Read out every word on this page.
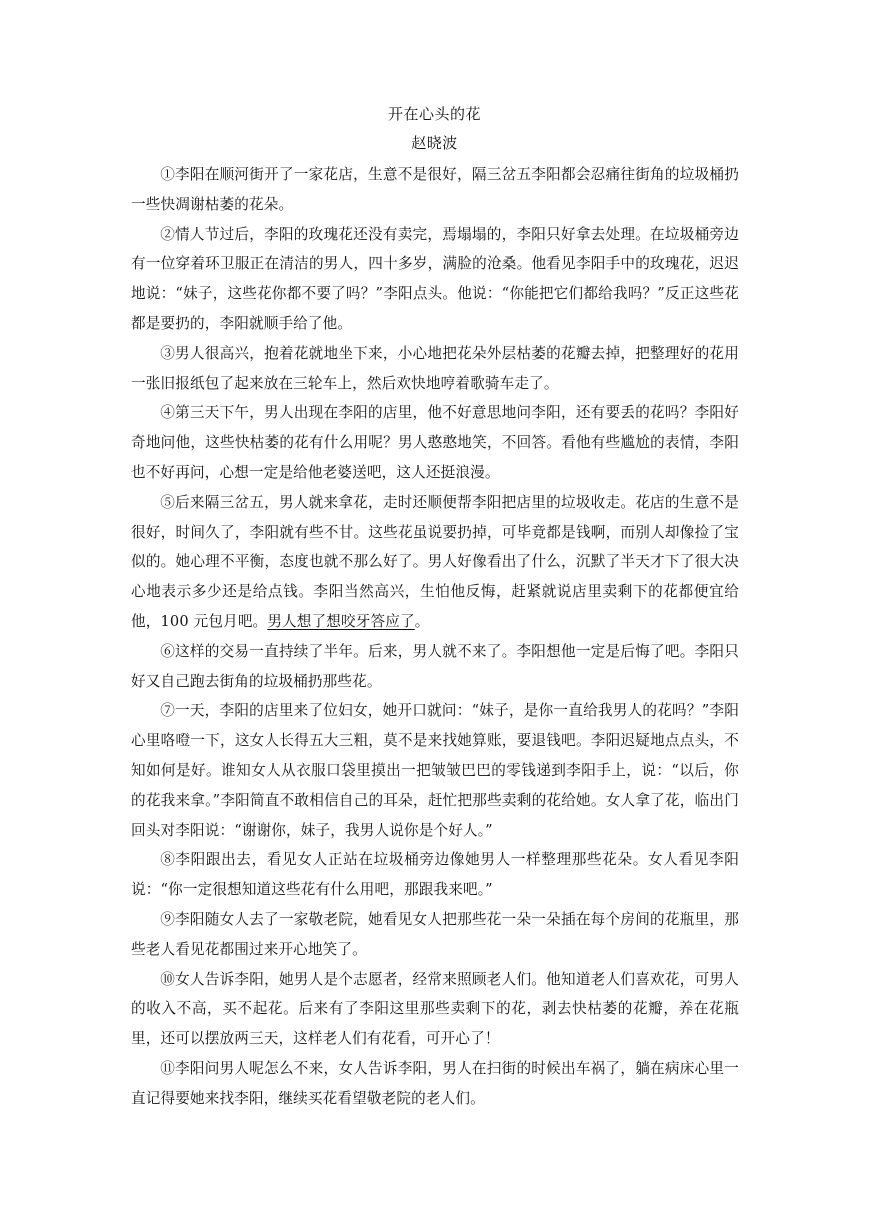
开在心头的花
赵晓波

①李阳在顺河街开了一家花店，生意不是很好，隔三岔五李阳都会忍痛往街角的垃圾桶扔一些快凋谢枯萎的花朵。

②情人节过后，李阳的玫瑰花还没有卖完，焉塌塌的，李阳只好拿去处理。在垃圾桶旁边有一位穿着环卫服正在清洁的男人，四十多岁，满脸的沧桑。他看见李阳手中的玫瑰花，迟迟地说：“妹子，这些花你都不要了吗？”李阳点头。他说：“你能把它们都给我吗？”反正这些花都是要扔的，李阳就顺手给了他。

③男人很高兴，抱着花就地坐下来，小心地把花朵外层枯萎的花瓣去掉，把整理好的花用一张旧报纸包了起来放在三轮车上，然后欢快地哼着歌骑车走了。

④第三天下午，男人出现在李阳的店里，他不好意思地问李阳，还有要丢的花吗？李阳好奇地问他，这些快枯萎的花有什么用呢？男人憨憨地笑，不回答。看他有些尴尬的表情，李阳也不好再问，心想一定是给他老婆送吧，这人还挺浪漫。

⑤后来隔三岔五，男人就来拿花，走时还顺便帮李阳把店里的垃圾收走。花店的生意不是很好，时间久了，李阳就有些不甘。这些花虽说要扔掉，可毕竟都是钱啊，而别人却像捡了宝似的。她心理不平衡，态度也就不那么好了。男人好像看出了什么，沉默了半天才下了很大决心地表示多少还是给点钱。李阳当然高兴，生怕他反悔，赶紧就说店里卖剩下的花都便宜给他，100 元包月吧。男人想了想咬牙答应了。

⑥这样的交易一直持续了半年。后来，男人就不来了。李阳想他一定是后悔了吧。李阳只好又自己跑去街角的垃圾桶扔那些花。

⑦一天，李阳的店里来了位妇女，她开口就问：“妹子，是你一直给我男人的花吗？”李阳心里咯噔一下，这女人长得五大三粗，莫不是来找她算账，要退钱吧。李阳迟疑地点点头，不知如何是好。谁知女人从衣服口袋里摸出一把皱皱巴巴的零钱递到李阳手上，说：“以后，你的花我来拿。”李阳简直不敢相信自己的耳朵，赶忙把那些卖剩的花给她。女人拿了花，临出门回头对李阳说：“谢谢你，妹子，我男人说你是个好人。”

⑧李阳跟出去，看见女人正站在垃圾桶旁边像她男人一样整理那些花朵。女人看见李阳说：“你一定很想知道这些花有什么用吧，那跟我来吧。”

⑨李阳随女人去了一家敬老院，她看见女人把那些花一朵一朵插在每个房间的花瓶里，那些老人看见花都围过来开心地笑了。

⑩女人告诉李阳，她男人是个志愿者，经常来照顾老人们。他知道老人们喜欢花，可男人的收入不高，买不起花。后来有了李阳这里那些卖剩下的花，剥去快枯萎的花瓣，养在花瓶里，还可以摆放两三天，这样老人们有花看，可开心了！

⑪李阳问男人呢怎么不来，女人告诉李阳，男人在扫街的时候出车祸了，躺在病床心里一直记得要她来找李阳，继续买花看望敬老院的老人们。
